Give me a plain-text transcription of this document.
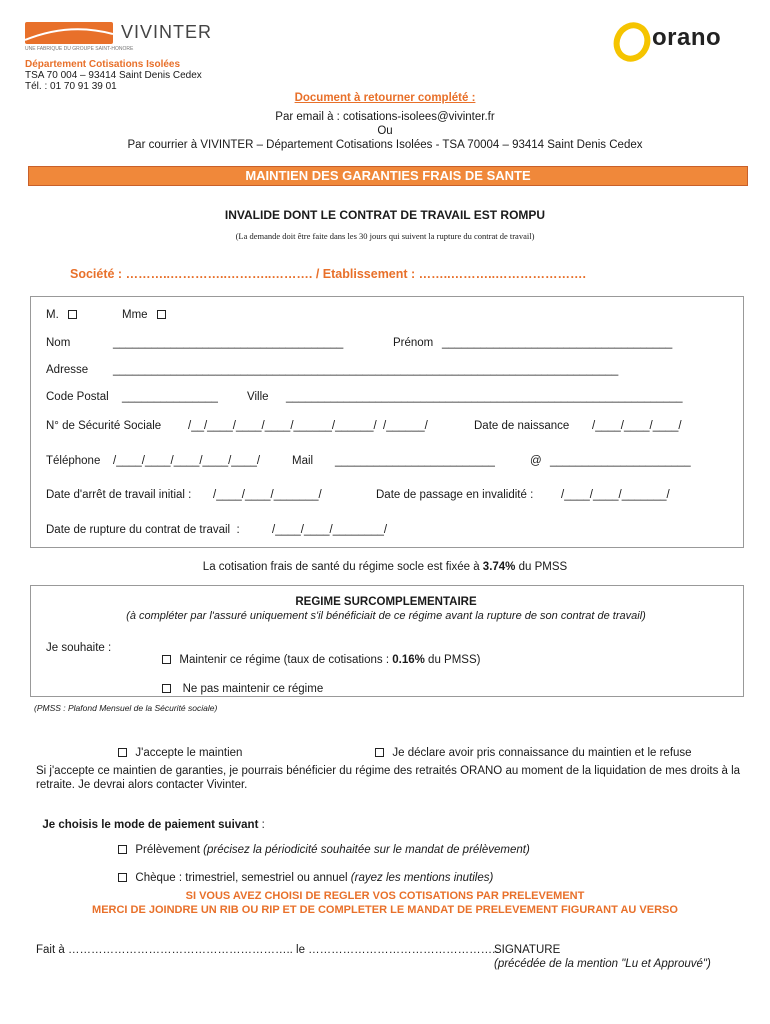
VIVINTER
UNE FABRIQUE DU GROUPE SAINT-HONORE
Département Cotisations Isolées
TSA 70 004 – 93414 Saint Denis Cedex
Tél. : 01 70 91 39 01
orano
Document à retourner complété :
Par email à : cotisations-isolees@vivinter.fr
Ou
Par courrier à VIVINTER – Département Cotisations Isolées - TSA 70004 – 93414 Saint Denis Cedex
MAINTIEN DES GARANTIES FRAIS DE SANTE
INVALIDE DONT LE CONTRAT DE TRAVAIL EST ROMPU
(La demande doit être faite dans les 30 jours qui suivent la rupture du contrat de travail)
Société : ………..…………..………..………. / Etablissement : ……..………..………………….
M.	Mme
Nom	____________________________________	Prénom ____________________________________
Adresse _______________________________________________________________________________
Code Postal _______________	Ville ______________________________________________________________
N° de Sécurité Sociale /__/____/____/____/______/______/  /______/	Date de naissance /____/____/____/
Téléphone /____/____/____/____/____/	Mail _________________________	@ ______________________
Date d'arrêt de travail initial : /____/____/_______/	Date de passage en invalidité : /____/____/_______/
Date de rupture du contrat de travail  :	/____/____/________/
La cotisation frais de santé du régime socle est fixée à 3.74% du PMSS
REGIME SURCOMPLEMENTAIRE
(à compléter par l'assuré uniquement s'il bénéficiait de ce régime avant la rupture de son contrat de travail)
Je souhaite :

Maintenir ce régime (taux de cotisations : 0.16% du PMSS)

Ne pas maintenir ce régime

(PMSS : Plafond Mensuel de la Sécurité sociale)

J'accepte le maintien	Je déclare avoir pris connaissance du maintien et le refuse

Si j'accepte ce maintien de garanties, je pourrais bénéficier du régime des retraités ORANO au moment de la liquidation de mes droits à la retraite. Je devrai alors contacter Vivinter.

Je choisis le mode de paiement suivant :

Prélèvement (précisez la périodicité souhaitée sur le mandat de prélèvement)

Chèque : trimestriel, semestriel ou annuel (rayez les mentions inutiles)

SI VOUS AVEZ CHOISI DE REGLER VOS COTISATIONS PAR PRELEVEMENT
MERCI DE JOINDRE UN RIB OU RIP ET DE COMPLETER LE MANDAT DE PRELEVEMENT FIGURANT AU VERSO
Fait à ………………………………………………….. le …………………………………………..
SIGNATURE
(précédée de la mention "Lu et Approuvé")
